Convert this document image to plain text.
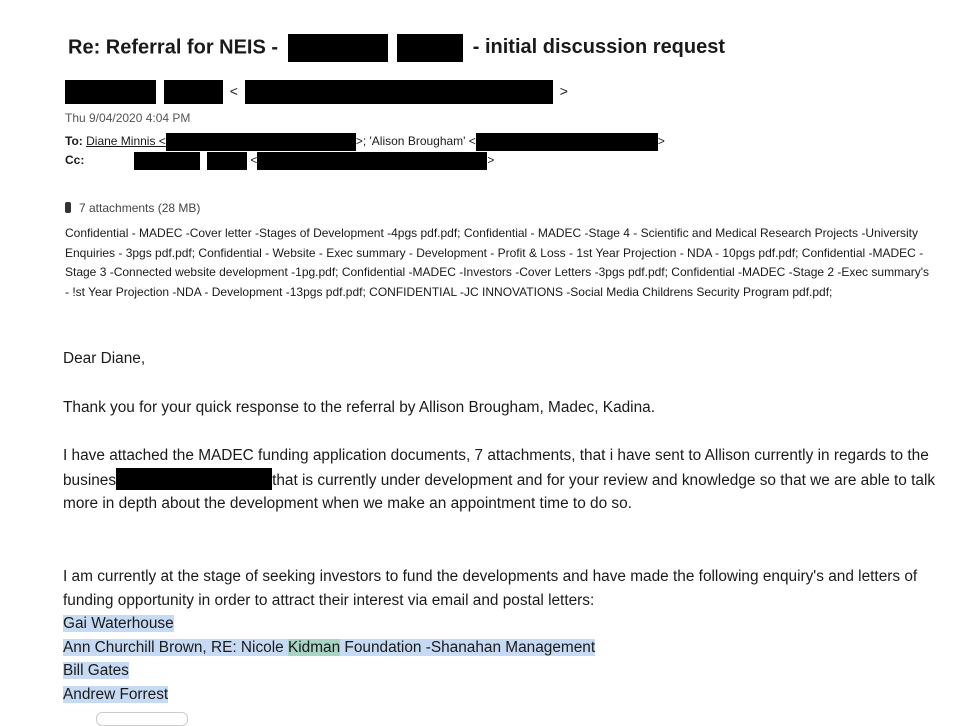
Re: Referral for NEIS -	- initial discussion request
<	>
Thu 9/04/2020 4:04 PM
To: Diane Minnis <	>; 'Alison Brougham' <	>
Cc:	<	>
7 attachments (28 MB)
Confidential - MADEC -Cover letter -Stages of Development -4pgs pdf.pdf; Confidential - MADEC -Stage 4 - Scientific and Medical Research Projects -University Enquiries - 3pgs pdf.pdf; Confidential - Website - Exec summary - Development - Profit & Loss - 1st Year Projection - NDA - 10pgs pdf.pdf; Confidential -MADEC - Stage 3 -Connected website development -1pg.pdf; Confidential -MADEC -Investors -Cover Letters -3pgs pdf.pdf; Confidential -MADEC -Stage 2 -Exec summary's - !st Year Projection -NDA - Development -13pgs pdf.pdf; CONFIDENTIAL -JC INNOVATIONS -Social Media Childrens Security Program pdf.pdf;
Dear Diane,
Thank you for your quick response to the referral by Allison Brougham, Madec, Kadina.
I have attached the MADEC funding application documents, 7 attachments, that i have sent to Allison currently in regards to the busines	that is currently under development and for your review and knowledge so that we are able to talk more in depth about the development when we make an appointment time to do so.
I am currently at the stage of seeking investors to fund the developments and have made the following enquiry's and letters of funding opportunity in order to attract their interest via email and postal letters:
Gai Waterhouse
Ann Churchill Brown, RE: Nicole Kidman Foundation -Shanahan Management
Bill Gates
Andrew Forrest
